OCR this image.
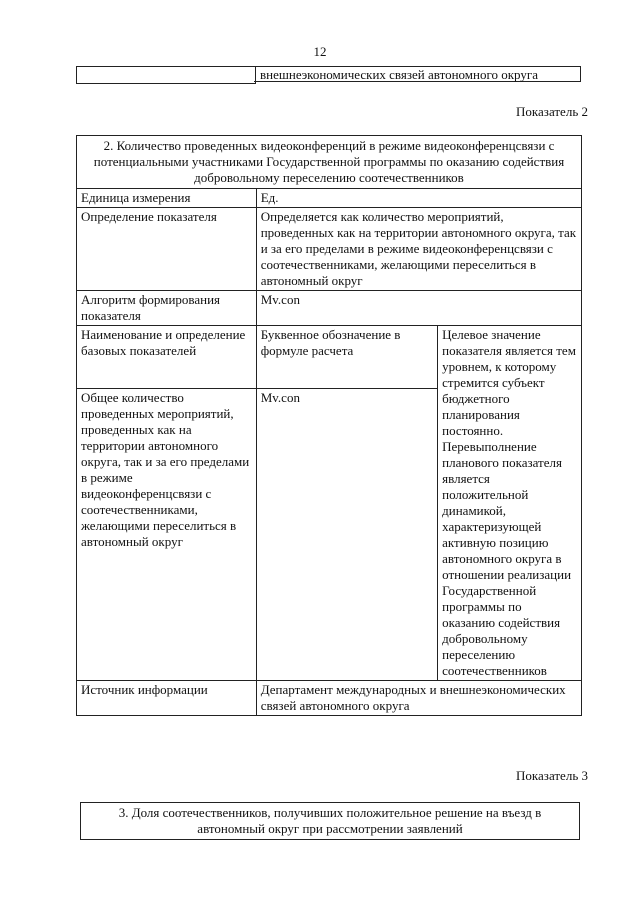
12
внешнеэкономических связей автономного округа
Показатель 2
2. Количество проведенных видеоконференций в режиме видеоконференцсвязи с потенциальными участниками Государственной программы по оказанию содействия добровольному переселению соотечественников		
Единица измерения	Ед.	
Определение показателя	Определяется как количество мероприятий, проведенных как на территории автономного округа, так и за его пределами в режиме видеоконференцсвязи с соотечественниками, желающими переселиться в автономный округ	
Алгоритм формирования показателя	Mv.con	
Наименование и определение базовых показателей	Буквенное обозначение в формуле расчета	Целевое значение показателя является тем уровнем, к которому стремится субъект бюджетного планирования постоянно. Перевыполнение планового показателя является положительной динамикой, характеризующей активную позицию автономного округа в отношении реализации Государственной программы по оказанию содействия добровольному переселению соотечественников
Общее количество проведенных мероприятий, проведенных как на территории автономного округа, так и за его пределами в режиме видеоконференцсвязи с соотечественниками, желающими переселиться в автономный округ	Mv.con	
Источник информации	Департамент международных и внешнеэкономических связей автономного округа	
Показатель 3
3. Доля соотечественников, получивших положительное решение на въезд в автономный округ при рассмотрении заявлений
